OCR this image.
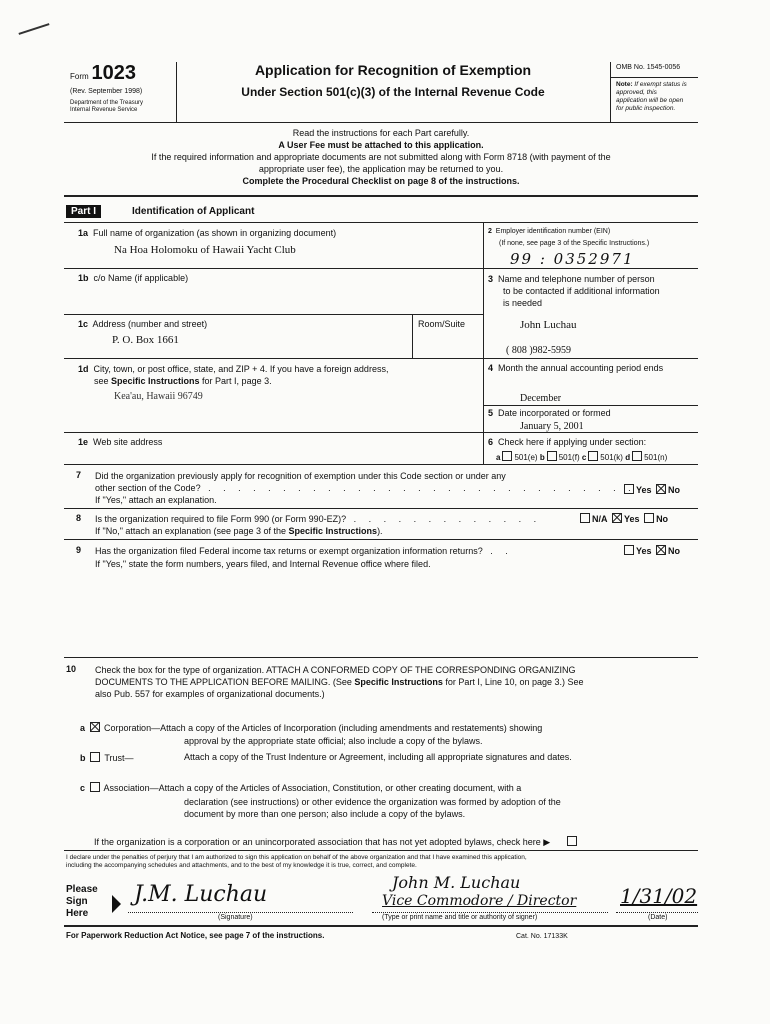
Form 1023
(Rev. September 1998)
Department of the Treasury
Internal Revenue Service
Application for Recognition of Exemption
Under Section 501(c)(3) of the Internal Revenue Code
OMB No. 1545-0056
Note: If exempt status is
approved, this
application will be open
for public inspection.
Read the instructions for each Part carefully.
A User Fee must be attached to this application.
If the required information and appropriate documents are not submitted along with Form 8718 (with payment of the
appropriate user fee), the application may be returned to you.
Complete the Procedural Checklist on page 8 of the instructions.
Part I	Identification of Applicant
1a Full name of organization (as shown in organizing document)
Na Hoa Holomoku of Hawaii Yacht Club
2 Employer identification number (EIN)
(If none, see page 3 of the Specific Instructions.)
99 : 0352971
1b c/o Name (if applicable)	3 Name and telephone number of person
to be contacted if additional information
is needed
John Luchau
( 808 )982-5959
1c Address (number and street)	Room/Suite
P. O. Box 1661
1d City, town, or post office, state, and ZIP + 4. If you have a foreign address,
see Specific Instructions for Part I, page 3.
Kea'au, Hawaii 96749
4 Month the annual accounting period ends
December
5 Date incorporated or formed
January 5, 2001
1e Web site address	6 Check here if applying under section:
a 501(e) b 501(f) c 501(k) d 501(n)
7 Did the organization previously apply for recognition of exemption under this Code section or under any
other section of the Code? . . . . . . . . . . . . . . . . . . . . . . . . . . . . .
If "Yes," attach an explanation.
Yes No
8 Is the organization required to file Form 990 (or Form 990-EZ)? . . . . . . . . . . . . .
If "No," attach an explanation (see page 3 of the Specific Instructions).
N/A Yes No
9 Has the organization filed Federal income tax returns or exempt organization information returns? . .
If "Yes," state the form numbers, years filed, and Internal Revenue office where filed.
Yes No
10 Check the box for the type of organization. ATTACH A CONFORMED COPY OF THE CORRESPONDING ORGANIZING
DOCUMENTS TO THE APPLICATION BEFORE MAILING. (See Specific Instructions for Part I, Line 10, on page 3.) See
also Pub. 557 for examples of organizational documents.)
a Corporation—Attach a copy of the Articles of Incorporation (including amendments and restatements) showing
approval by the appropriate state official; also include a copy of the bylaws.
b Trust—	Attach a copy of the Trust Indenture or Agreement, including all appropriate signatures and dates.
c Association—Attach a copy of the Articles of Association, Constitution, or other creating document, with a
declaration (see instructions) or other evidence the organization was formed by adoption of the
document by more than one person; also include a copy of the bylaws.
If the organization is a corporation or an unincorporated association that has not yet adopted bylaws, check here ▶
I declare under the penalties of perjury that I am authorized to sign this application on behalf of the above organization and that I have examined this application,
including the accompanying schedules and attachments, and to the best of my knowledge it is true, correct, and complete.
Please
Sign
Here
J.M. Luchau
(Signature)
John M. Luchau
Vice Commodore / Director
(Type or print name and title or authority of signer)
1/31/02
(Date)
For Paperwork Reduction Act Notice, see page 7 of the instructions.	Cat. No. 17133K
